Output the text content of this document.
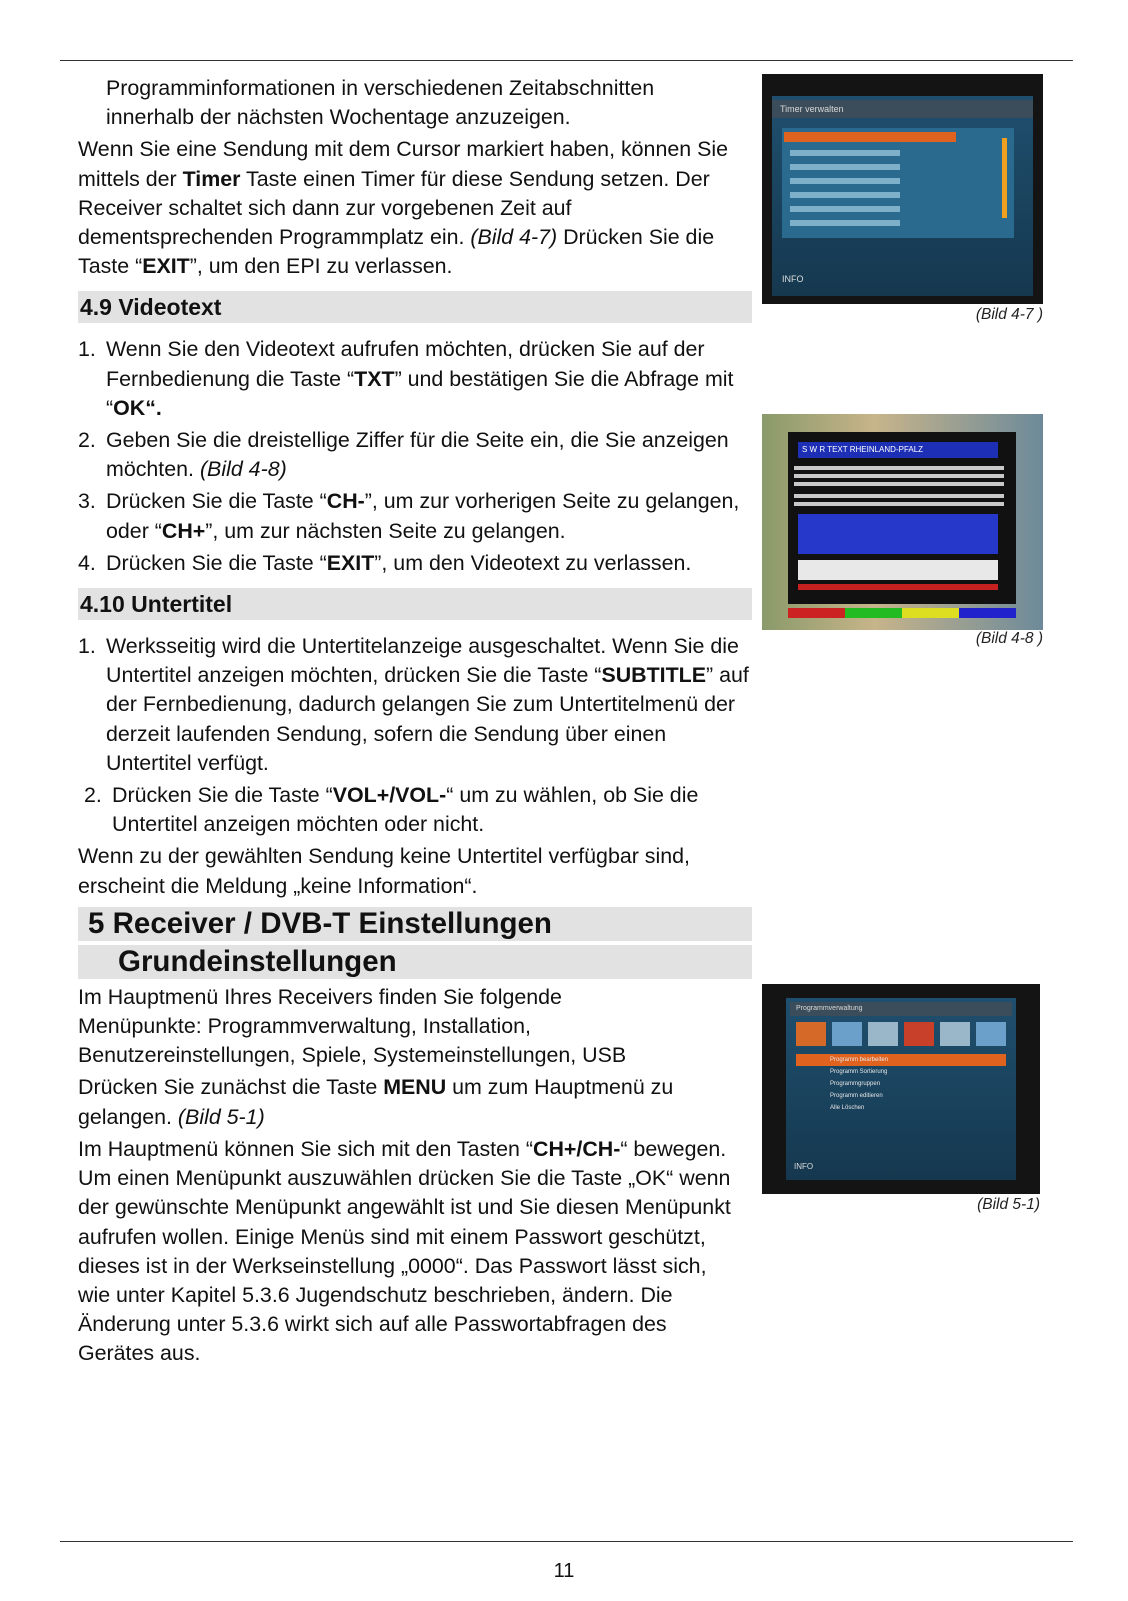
Programminformationen in verschiedenen Zeitabschnitten
innerhalb der nächsten Wochentage anzuzeigen.

Wenn Sie eine Sendung mit dem Cursor markiert haben, können Sie mittels der Timer Taste einen Timer für diese Sendung setzen. Der Receiver schaltet sich dann zur vorgebenen Zeit auf dementsprechenden Programmplatz ein. (Bild 4-7) Drücken Sie die Taste “EXIT”, um den EPI zu verlassen.

4.9 Videotext
1. Wenn Sie den Videotext aufrufen möchten, drücken Sie auf der Fernbedienung die Taste “TXT” und bestätigen Sie die Abfrage mit “OK“.
2. Geben Sie die dreistellige Ziffer für die Seite ein, die Sie anzeigen möchten. (Bild 4-8)
3. Drücken Sie die Taste “CH-”, um zur vorherigen Seite zu gelangen, oder “CH+”, um zur nächsten Seite zu gelangen.
4. Drücken Sie die Taste “EXIT”, um den Videotext zu verlassen.
4.10 Untertitel
1. Werksseitig wird die Untertitelanzeige ausgeschaltet. Wenn Sie die Untertitel anzeigen möchten, drücken Sie die Taste “SUBTITLE” auf der Fernbedienung, dadurch gelangen Sie zum Untertitelmenü der derzeit laufenden Sendung, sofern die Sendung über einen Untertitel verfügt.
2. Drücken Sie die Taste “VOL+/VOL-“ um zu wählen, ob Sie die Untertitel anzeigen möchten oder nicht.

Wenn zu der gewählten Sendung keine Untertitel verfügbar sind, erscheint die Meldung „keine Information“.

5 Receiver / DVB-T Einstellungen
Grundeinstellungen

Im Hauptmenü Ihres Receivers finden Sie folgende Menüpunkte: Programmverwaltung, Installation, Benutzereinstellungen, Spiele, Systemeinstellungen, USB

Drücken Sie zunächst die Taste MENU um zum Hauptmenü zu gelangen. (Bild 5-1)

Im Hauptmenü können Sie sich mit den Tasten “CH+/CH-“ bewegen. Um einen Menüpunkt auszuwählen drücken Sie die Taste „OK“ wenn der gewünschte Menüpunkt angewählt ist und Sie diesen Menüpunkt aufrufen wollen. Einige Menüs sind mit einem Passwort geschützt, dieses ist in der Werkseinstellung „0000“. Das Passwort lässt sich, wie unter Kapitel 5.3.6 Jugendschutz beschrieben, ändern. Die Änderung unter 5.3.6 wirkt sich auf alle Passwortabfragen des Gerätes aus.

Timer verwalten
INFO
(Bild 4-7 )
S W R TEXT RHEINLAND-PFALZ
(Bild 4-8 )
Programmverwaltung
Programm bearbeiten
Programm Sortierung
Programmgruppen
Programm editieren
Alle Löschen
INFO
(Bild 5-1)
11
